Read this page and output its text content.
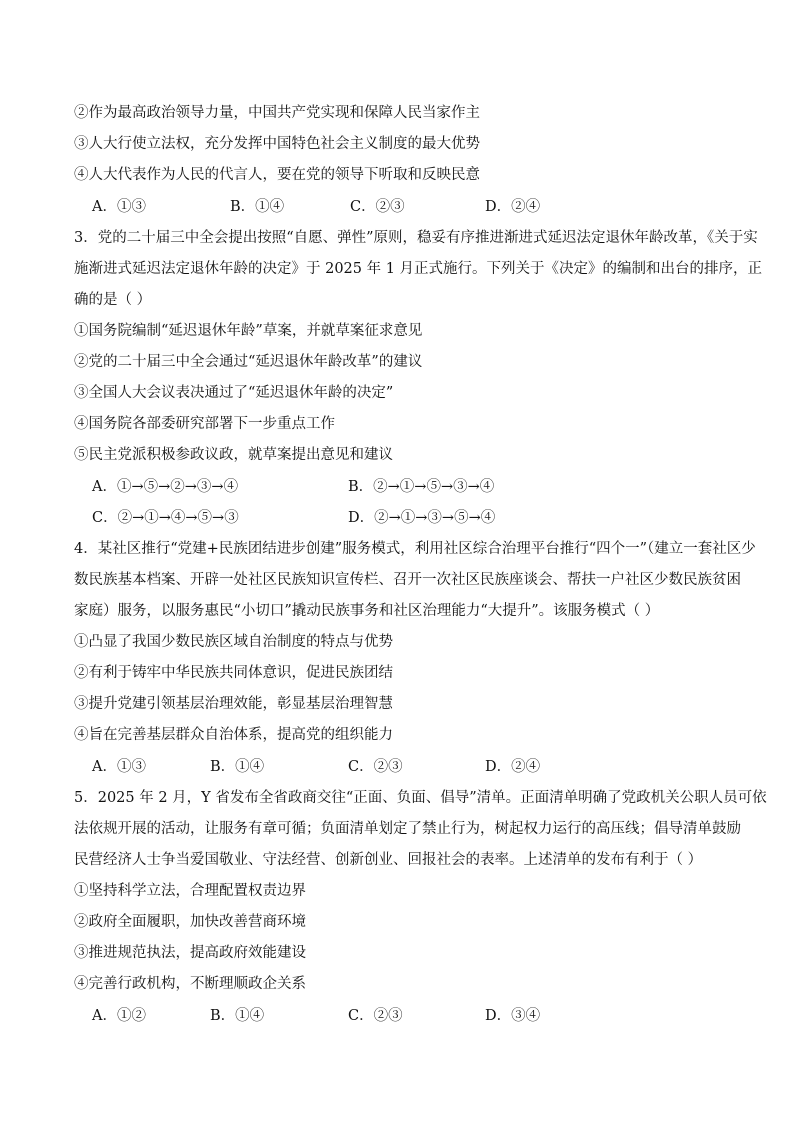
②作为最高政治领导力量，中国共产党实现和保障人民当家作主
③人大行使立法权，充分发挥中国特色社会主义制度的最大优势
④人大代表作为人民的代言人，要在党的领导下听取和反映民意
A．①③	B．①④	C．②③	D．②④
3．党的二十届三中全会提出按照“自愿、弹性”原则，稳妥有序推进渐进式延迟法定退休年龄改革，《关于实
施渐进式延迟法定退休年龄的决定》于 2025 年 1 月正式施行。下列关于《决定》的编制和出台的排序，正
确的是（ ）
①国务院编制“延迟退休年龄”草案，并就草案征求意见
②党的二十届三中全会通过“延迟退休年龄改革”的建议
③全国人大会议表决通过了“延迟退休年龄的决定”
④国务院各部委研究部署下一步重点工作
⑤民主党派积极参政议政，就草案提出意见和建议
A．①→⑤→②→③→④	B．②→①→⑤→③→④
C．②→①→④→⑤→③	D．②→①→③→⑤→④
4．某社区推行“党建+民族团结进步创建”服务模式，利用社区综合治理平台推行“四个一”（建立一套社区少
数民族基本档案、开辟一处社区民族知识宣传栏、召开一次社区民族座谈会、帮扶一户社区少数民族贫困
家庭）服务，以服务惠民“小切口”撬动民族事务和社区治理能力“大提升”。该服务模式（ ）
①凸显了我国少数民族区域自治制度的特点与优势
②有利于铸牢中华民族共同体意识，促进民族团结
③提升党建引领基层治理效能，彰显基层治理智慧
④旨在完善基层群众自治体系，提高党的组织能力
A．①③	B．①④	C．②③	D．②④
5．2025 年 2 月，Y 省发布全省政商交往“正面、负面、倡导”清单。正面清单明确了党政机关公职人员可依
法依规开展的活动，让服务有章可循；负面清单划定了禁止行为，树起权力运行的高压线；倡导清单鼓励
民营经济人士争当爱国敬业、守法经营、创新创业、回报社会的表率。上述清单的发布有利于（ ）
①坚持科学立法，合理配置权责边界
②政府全面履职，加快改善营商环境
③推进规范执法，提高政府效能建设
④完善行政机构，不断理顺政企关系
A．①②	B．①④	C．②③	D．③④
